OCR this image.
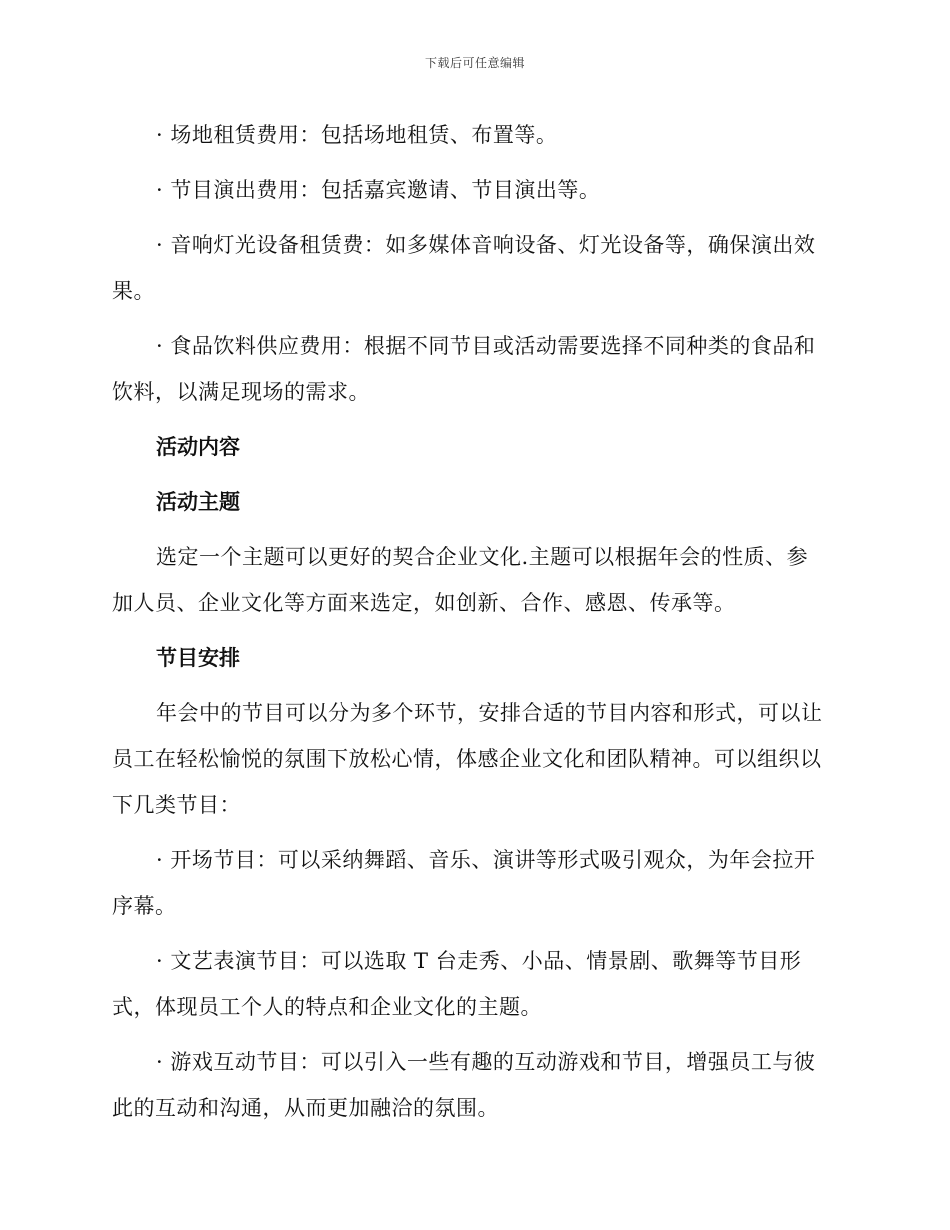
下载后可任意编辑

· 场地租赁费用：包括场地租赁、布置等。

· 节目演出费用：包括嘉宾邀请、节目演出等。

· 音响灯光设备租赁费：如多媒体音响设备、灯光设备等，确保演出效果。

· 食品饮料供应费用：根据不同节目或活动需要选择不同种类的食品和饮料，以满足现场的需求。

活动内容

活动主题

选定一个主题可以更好的契合企业文化.主题可以根据年会的性质、参加人员、企业文化等方面来选定，如创新、合作、感恩、传承等。

节目安排

年会中的节目可以分为多个环节，安排合适的节目内容和形式，可以让员工在轻松愉悦的氛围下放松心情，体感企业文化和团队精神。可以组织以下几类节目：

· 开场节目：可以采纳舞蹈、音乐、演讲等形式吸引观众，为年会拉开序幕。

· 文艺表演节目：可以选取 T 台走秀、小品、情景剧、歌舞等节目形式，体现员工个人的特点和企业文化的主题。

· 游戏互动节目：可以引入一些有趣的互动游戏和节目，增强员工与彼此的互动和沟通，从而更加融洽的氛围。
